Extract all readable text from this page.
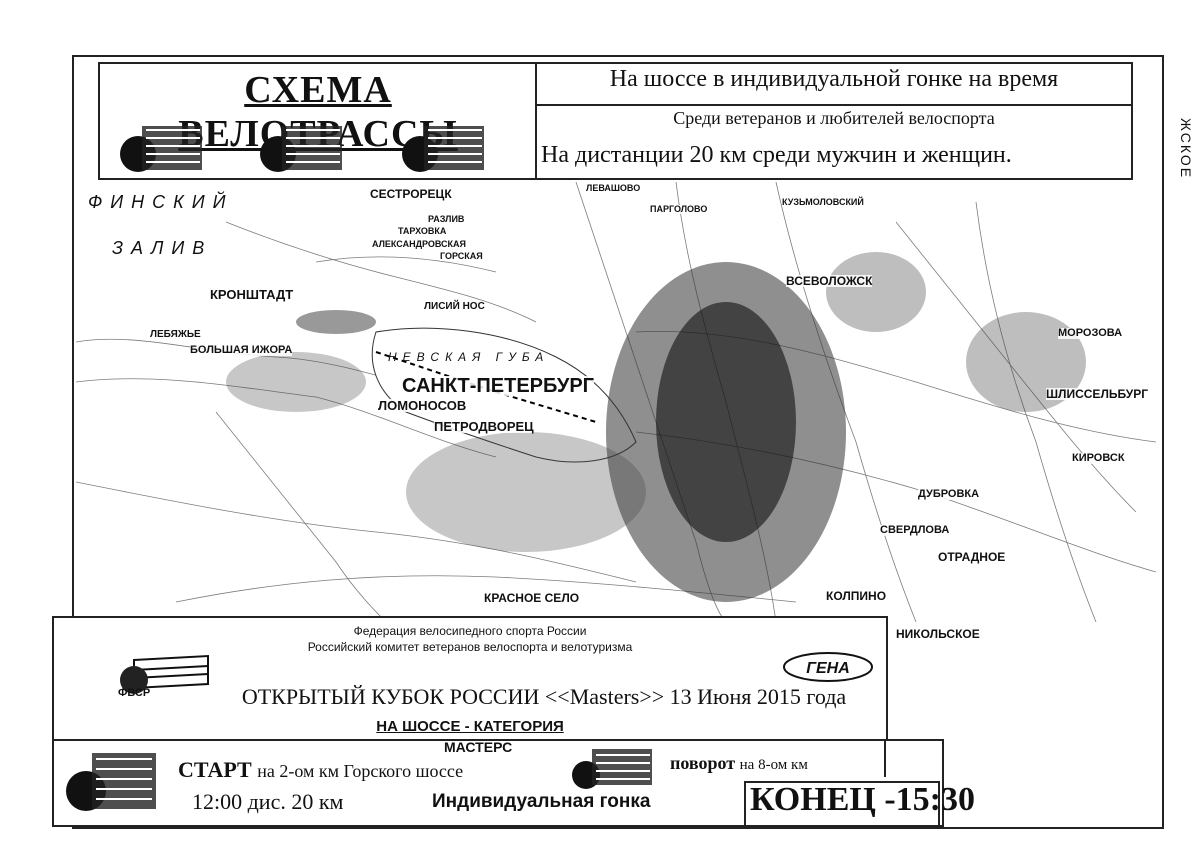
ФИНСКИЙ
ЗАЛИВ
НЕВСКАЯ ГУБА
САНКТ-ПЕТЕРБУРГ
СЕСТРОРЕЦК
КРОНШТАДТ
ЛЕБЯЖЬЕ
БОЛЬШАЯ ИЖОРА
ЛОМОНОСОВ
ПЕТРОДВОРЕЦ
ВСЕВОЛОЖСК
МОРОЗОВА
ШЛИССЕЛЬБУРГ
КИРОВСК
ОТРАДНОЕ
НИКОЛЬСКОЕ
КРАСНОЕ СЕЛО	КОЛПИНО
ЛИСИЙ НОС
АЛЕКСАНДРОВСКАЯ
ДУБРОВКА
СВЕРДЛОВА
РАЗЛИВ
ТАРХОВКА
ГОРСКАЯ
ЛЕВАШОВО
ПАРГОЛОВО
КУЗЬМОЛОВСКИЙ
ЖСКОЕ
СХЕМА	На шоссе в индивидуальной гонке на время
Среди ветеранов и любителей велоспорта
На дистанции 20 км среди мужчин и женщин.
Федерация велосипедного спорта России
Российский комитет ветеранов велоспорта и велотуризма
ФВСР
ГЕНА
ОТКРЫТЫЙ КУБОК РОССИИ <<Masters>> 13 Июня 2015 года
НА ШОССЕ - КАТЕГОРИЯ
МАСТЕРС
СТАРТ на 2-ом км Горского шоссе	поворот на 8-ом км
12:00 дис. 20 км	Индивидуальная гонка	КОНЕЦ -15:30
